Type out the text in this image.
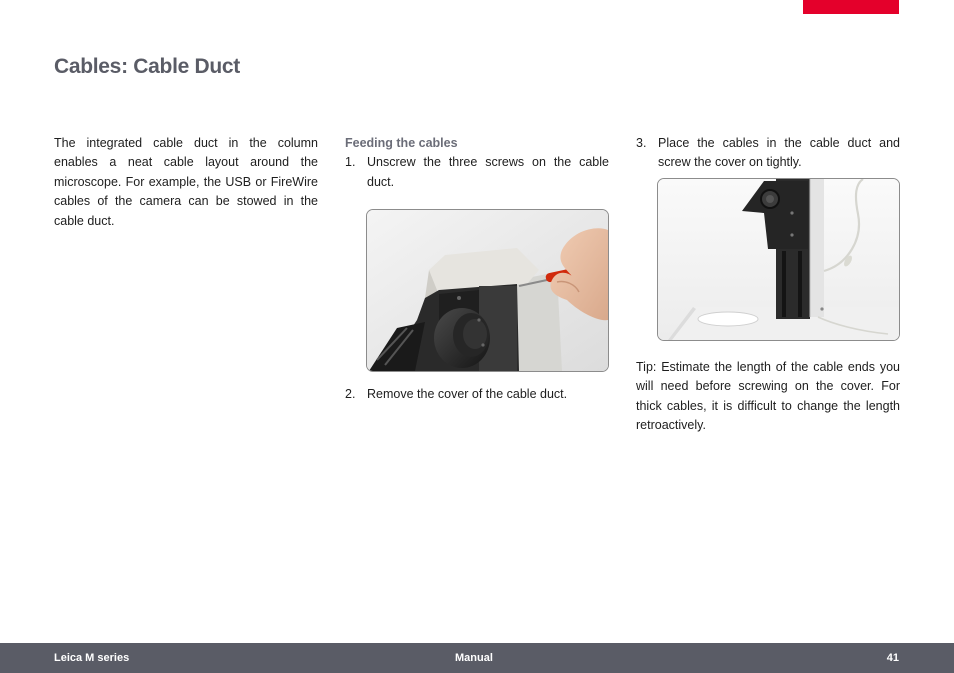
Cables: Cable Duct

The integrated cable duct in the column enables a neat cable layout around the microscope. For example, the USB or FireWire cables of the camera can be stowed in the cable duct.

Feeding the cables
1. Unscrew the three screws on the cable duct.
2. Remove the cover of the cable duct.
3. Place the cables in the cable duct and screw the cover on tightly.

Tip: Estimate the length of the cable ends you will need before screwing on the cover. For thick cables, it is difficult to change the length retroactively.

Leica M series	Manual	41
